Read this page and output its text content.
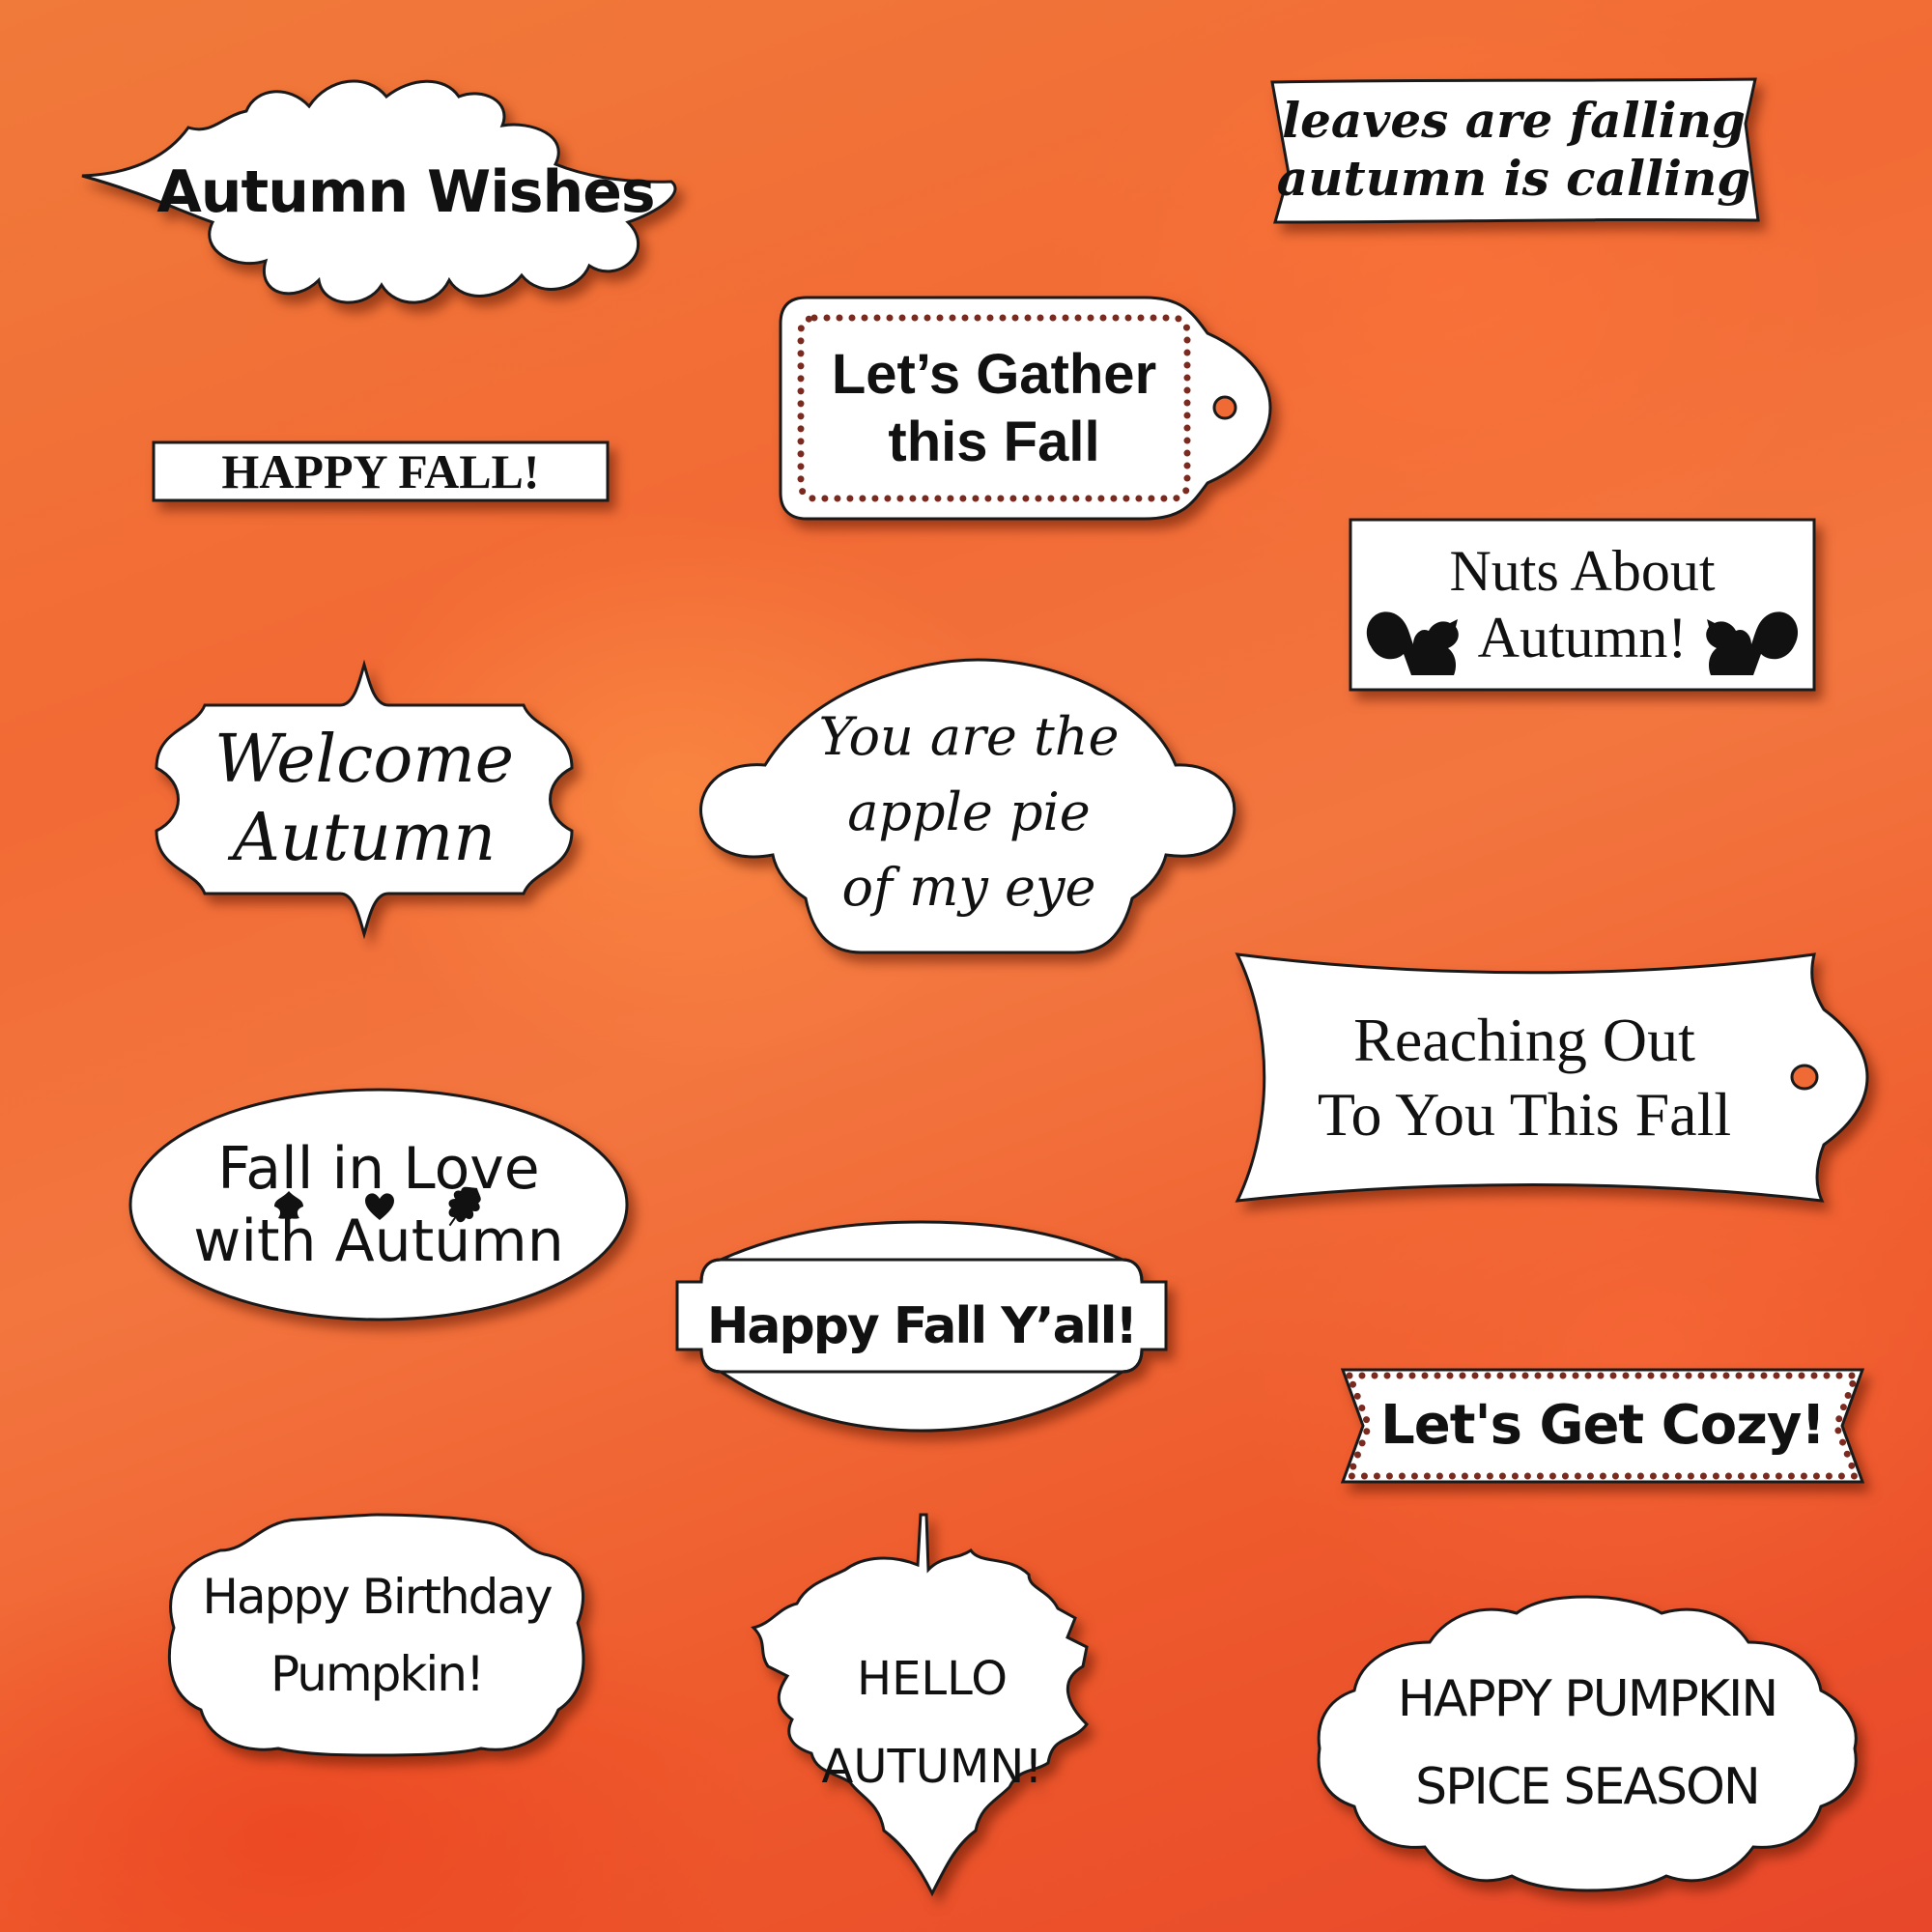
Autumn Wishes
leaves are falling
autumn is calling
HAPPY FALL!
Let’s Gather
this Fall
Nuts About
Autumn!
Welcome
Autumn
You are the
apple pie
of my eye
Reaching Out
To You This Fall
Fall in Love
with Autumn
Happy Fall Y’all!
Let's Get Cozy!
Happy Birthday
Pumpkin!	HELLO
AUTUMN!
HAPPY PUMPKIN
SPICE SEASON
